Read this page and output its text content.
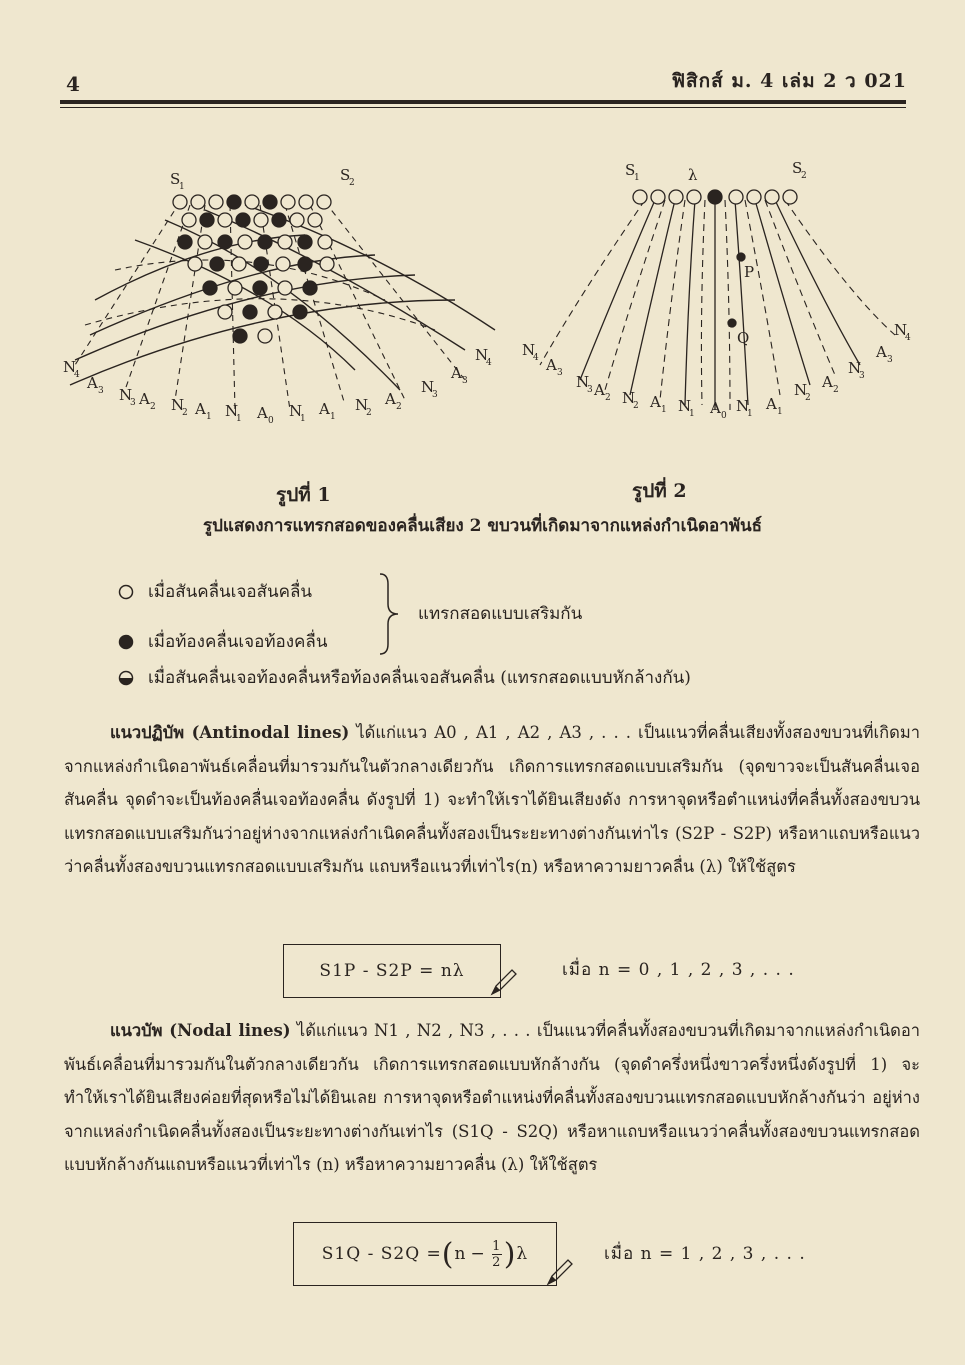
4	ฟิสิกส์ ม. 4 เล่ม 2 ว 021
S
1
S
2
N
4 A 3 N
3 A 2 N
2 A 1 N
1 A 0
N
1
A 1
N
2
A 2
N
3
A 3
N
4
รูปที่ 1
S
1	λ	S
2
P
Q
N
4 A 3 N
3 A 2 N
2 A 1 N
1 A 0
N
1
A 1
N
2
A 2
N
3
A 3
N
4
รูปที่ 2
รูปแสดงการแทรกสอดของคลื่นเสียง 2 ขบวนที่เกิดมาจากแหล่งกำเนิดอาพันธ์
เมื่อสันคลื่นเจอสันคลื่น
เมื่อท้องคลื่นเจอท้องคลื่น
เมื่อสันคลื่นเจอท้องคลื่นหรือท้องคลื่นเจอสันคลื่น (แทรกสอดแบบหักล้างกัน)
แทรกสอดแบบเสริมกัน
แนวปฏิบัพ (Antinodal lines) ได้แก่แนว A0 , A1 , A2 , A3 , . . . เป็นแนวที่คลื่นเสียงทั้งสองขบวนที่เกิดมาจากแหล่งกำเนิดอาพันธ์เคลื่อนที่มารวมกันในตัวกลางเดียวกัน เกิดการแทรกสอดแบบเสริมกัน (จุดขาวจะเป็นสันคลื่นเจอสันคลื่น จุดดำจะเป็นท้องคลื่นเจอท้องคลื่น ดังรูปที่ 1) จะทำให้เราได้ยินเสียงดัง การหาจุดหรือตำแหน่งที่คลื่นทั้งสองขบวนแทรกสอดแบบเสริมกันว่าอยู่ห่างจากแหล่งกำเนิดคลื่นทั้งสองเป็นระยะทางต่างกันเท่าไร (S2P - S2P) หรือหาแถบหรือแนวว่าคลื่นทั้งสองขบวนแทรกสอดแบบเสริมกัน แถบหรือแนวที่เท่าไร(n) หรือหาความยาวคลื่น (λ) ให้ใช้สูตร
S1P - S2P = nλ	เมื่อ n = 0 , 1 , 2 , 3 , . . .
แนวบัพ (Nodal lines) ได้แก่แนว N1 , N2 , N3 , . . . เป็นแนวที่คลื่นทั้งสองขบวนที่เกิดมาจากแหล่งกำเนิดอาพันธ์เคลื่อนที่มารวมกันในตัวกลางเดียวกัน เกิดการแทรกสอดแบบหักล้างกัน (จุดดำครึ่งหนึ่งขาวครึ่งหนึ่งดังรูปที่ 1) จะทำให้เราได้ยินเสียงค่อยที่สุดหรือไม่ได้ยินเลย การหาจุดหรือตำแหน่งที่คลื่นทั้งสองขบวนแทรกสอดแบบหักล้างกันว่า อยู่ห่างจากแหล่งกำเนิดคลื่นทั้งสองเป็นระยะทางต่างกันเท่าไร (S1Q - S2Q) หรือหาแถบหรือแนวว่าคลื่นทั้งสองขบวนแทรกสอดแบบหักล้างกันแถบหรือแนวที่เท่าไร (n) หรือหาความยาวคลื่น (λ) ให้ใช้สูตร
S1Q - S2Q = ( $n - \frac{1}{2}$ ) λ	เมื่อ n = 1 , 2 , 3 , . . .
